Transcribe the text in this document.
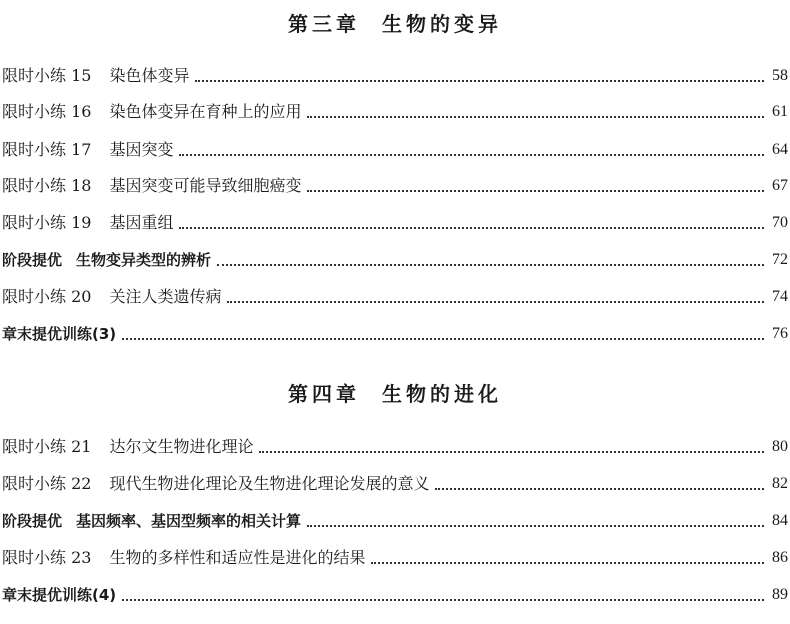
第三章 生物的变异
限时小练 15 染色体变异	58
限时小练 16 染色体变异在育种上的应用	61
限时小练 17 基因突变	64
限时小练 18 基因突变可能导致细胞癌变	67
限时小练 19 基因重组	70
阶段提优 生物变异类型的辨析	72
限时小练 20 关注人类遗传病	74
章末提优训练(3)	76
第四章 生物的进化
限时小练 21 达尔文生物进化理论	80
限时小练 22 现代生物进化理论及生物进化理论发展的意义	82
阶段提优 基因频率、基因型频率的相关计算	84
限时小练 23 生物的多样性和适应性是进化的结果	86
章末提优训练(4)	89
